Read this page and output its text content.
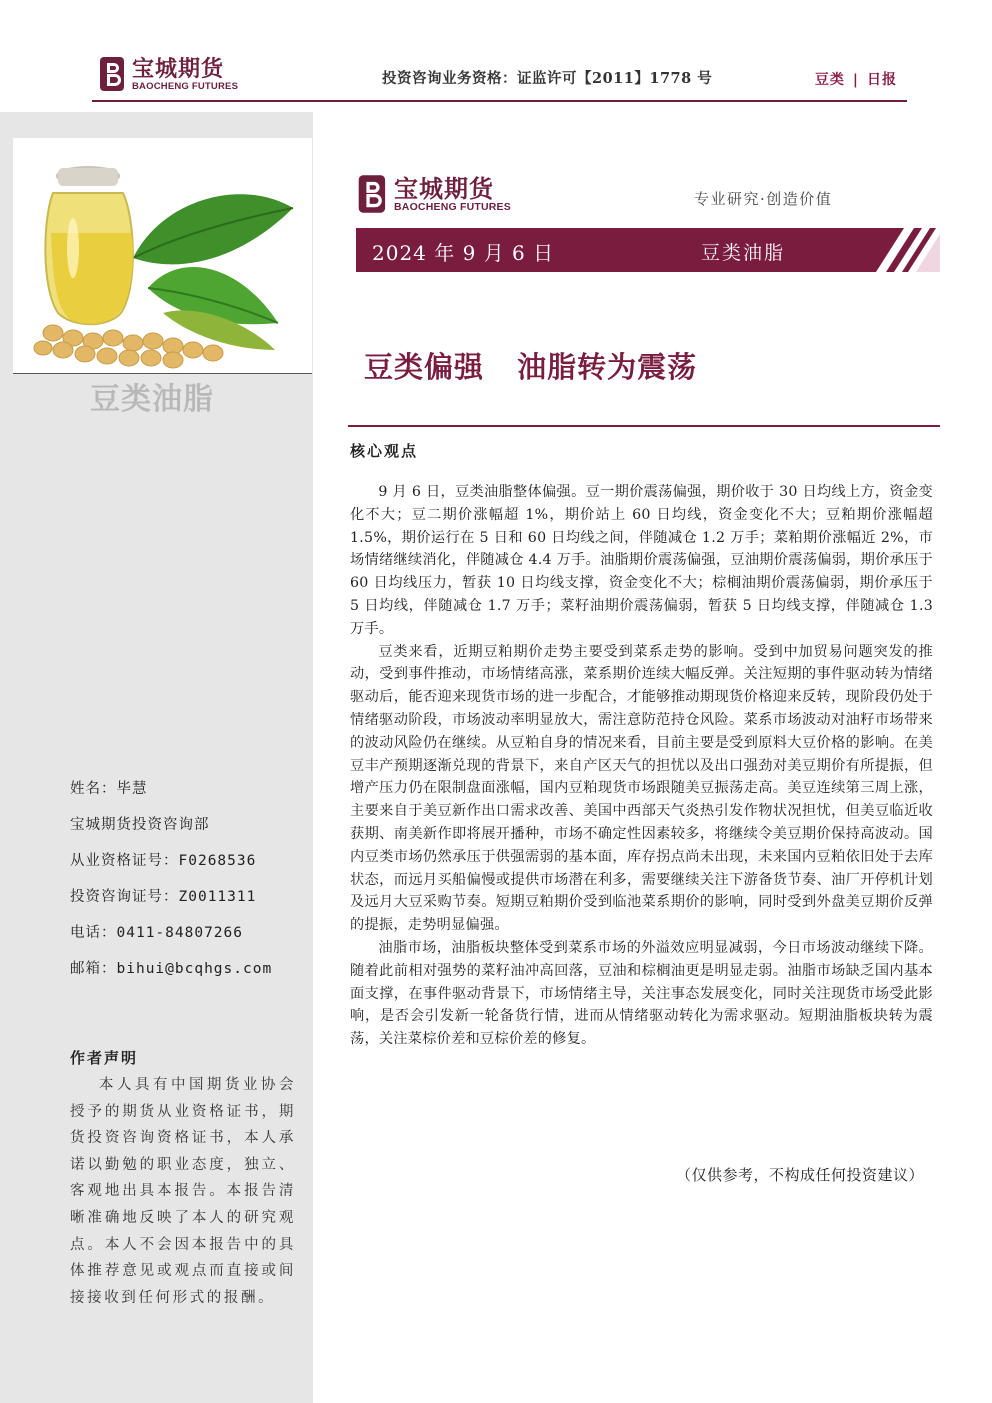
宝城期货
BAOCHENG FUTURES	投资咨询业务资格：证监许可【2011】1778 号	豆类 | 日报
豆类油脂
姓名：毕慧
宝城期货投资咨询部
从业资格证号：F0268536
投资咨询证号：Z0011311
电话：0411-84807266
邮箱：bihui@bcqhgs.com
作者声明
本人具有中国期货业协会授予的期货从业资格证书，期货投资咨询资格证书，本人承诺以勤勉的职业态度，独立、客观地出具本报告。本报告清晰准确地反映了本人的研究观点。本人不会因本报告中的具体推荐意见或观点而直接或间接接收到任何形式的报酬。
宝城期货
BAOCHENG FUTURES	专业研究·创造价值
2024 年 9 月 6 日	豆类油脂
豆类偏强 油脂转为震荡
核心观点

9 月 6 日，豆类油脂整体偏强。豆一期价震荡偏强，期价收于 30 日均线上方，资金变化不大；豆二期价涨幅超 1%，期价站上 60 日均线，资金变化不大；豆粕期价涨幅超 1.5%，期价运行在 5 日和 60 日均线之间，伴随减仓 1.2 万手；菜粕期价涨幅近 2%，市场情绪继续消化，伴随减仓 4.4 万手。油脂期价震荡偏强，豆油期价震荡偏弱，期价承压于 60 日均线压力，暂获 10 日均线支撑，资金变化不大；棕榈油期价震荡偏弱，期价承压于 5 日均线，伴随减仓 1.7 万手；菜籽油期价震荡偏弱，暂获 5 日均线支撑，伴随减仓 1.3 万手。

豆类来看，近期豆粕期价走势主要受到菜系走势的影响。受到中加贸易问题突发的推动，受到事件推动，市场情绪高涨，菜系期价连续大幅反弹。关注短期的事件驱动转为情绪驱动后，能否迎来现货市场的进一步配合，才能够推动期现货价格迎来反转，现阶段仍处于情绪驱动阶段，市场波动率明显放大，需注意防范持仓风险。菜系市场波动对油籽市场带来的波动风险仍在继续。从豆粕自身的情况来看，目前主要是受到原料大豆价格的影响。在美豆丰产预期逐渐兑现的背景下，来自产区天气的担忧以及出口强劲对美豆期价有所提振，但增产压力仍在限制盘面涨幅，国内豆粕现货市场跟随美豆振荡走高。美豆连续第三周上涨，主要来自于美豆新作出口需求改善、美国中西部天气炎热引发作物状况担忧，但美豆临近收获期、南美新作即将展开播种，市场不确定性因素较多，将继续令美豆期价保持高波动。国内豆类市场仍然承压于供强需弱的基本面，库存拐点尚未出现，未来国内豆粕依旧处于去库状态，而远月买船偏慢或提供市场潜在利多，需要继续关注下游备货节奏、油厂开停机计划及远月大豆采购节奏。短期豆粕期价受到临池菜系期价的影响，同时受到外盘美豆期价反弹的提振，走势明显偏强。

油脂市场，油脂板块整体受到菜系市场的外溢效应明显减弱，今日市场波动继续下降。随着此前相对强势的菜籽油冲高回落，豆油和棕榈油更是明显走弱。油脂市场缺乏国内基本面支撑，在事件驱动背景下，市场情绪主导，关注事态发展变化，同时关注现货市场受此影响，是否会引发新一轮备货行情，进而从情绪驱动转化为需求驱动。短期油脂板块转为震荡，关注菜棕价差和豆棕价差的修复。

（仅供参考，不构成任何投资建议）
